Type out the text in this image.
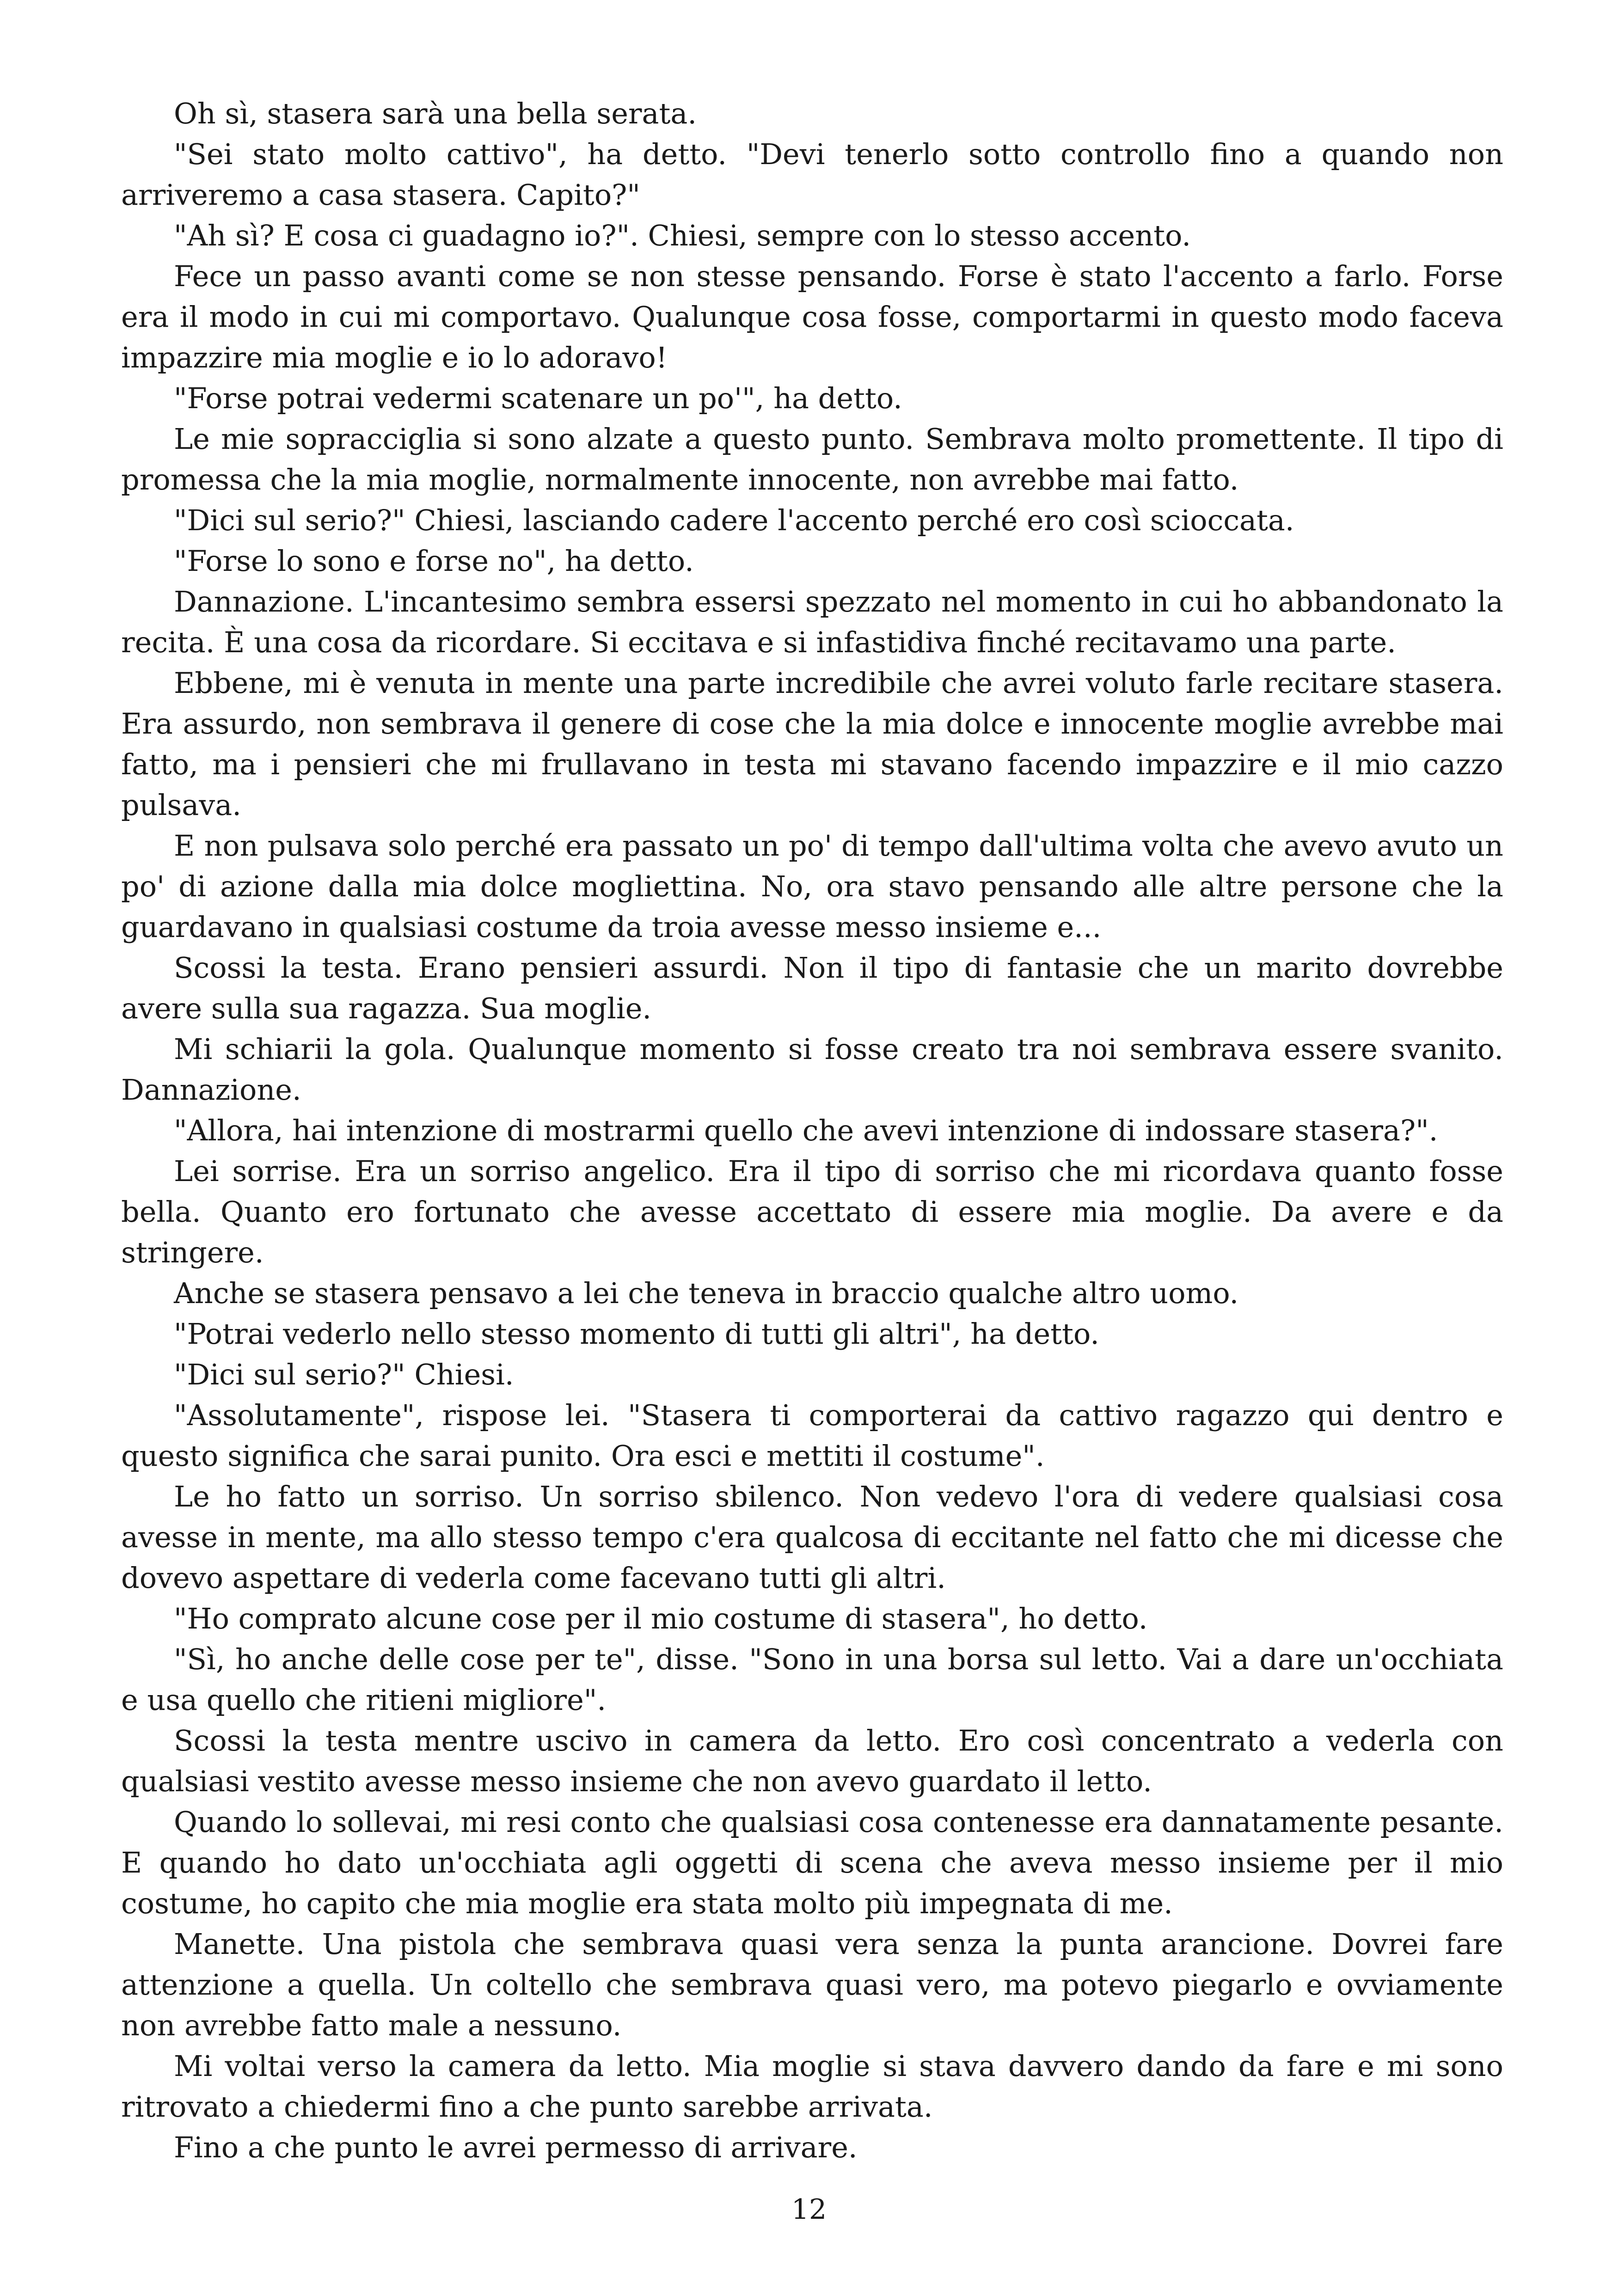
Oh sì, stasera sarà una bella serata.

"Sei stato molto cattivo", ha detto. "Devi tenerlo sotto controllo fino a quando non arriveremo a casa stasera. Capito?"

"Ah sì? E cosa ci guadagno io?". Chiesi, sempre con lo stesso accento.

Fece un passo avanti come se non stesse pensando. Forse è stato l'accento a farlo. Forse era il modo in cui mi comportavo. Qualunque cosa fosse, comportarmi in questo modo faceva impazzire mia moglie e io lo adoravo!

"Forse potrai vedermi scatenare un po'", ha detto.

Le mie sopracciglia si sono alzate a questo punto. Sembrava molto promettente. Il tipo di promessa che la mia moglie, normalmente innocente, non avrebbe mai fatto.

"Dici sul serio?" Chiesi, lasciando cadere l'accento perché ero così scioccata.

"Forse lo sono e forse no", ha detto.

Dannazione. L'incantesimo sembra essersi spezzato nel momento in cui ho abbandonato la recita. È una cosa da ricordare. Si eccitava e si infastidiva finché recitavamo una parte.

Ebbene, mi è venuta in mente una parte incredibile che avrei voluto farle recitare stasera. Era assurdo, non sembrava il genere di cose che la mia dolce e innocente moglie avrebbe mai fatto, ma i pensieri che mi frullavano in testa mi stavano facendo impazzire e il mio cazzo pulsava.

E non pulsava solo perché era passato un po' di tempo dall'ultima volta che avevo avuto un po' di azione dalla mia dolce mogliettina. No, ora stavo pensando alle altre persone che la guardavano in qualsiasi costume da troia avesse messo insieme e...

Scossi la testa. Erano pensieri assurdi. Non il tipo di fantasie che un marito dovrebbe avere sulla sua ragazza. Sua moglie.

Mi schiarii la gola. Qualunque momento si fosse creato tra noi sembrava essere svanito. Dannazione.

"Allora, hai intenzione di mostrarmi quello che avevi intenzione di indossare stasera?".

Lei sorrise. Era un sorriso angelico. Era il tipo di sorriso che mi ricordava quanto fosse bella. Quanto ero fortunato che avesse accettato di essere mia moglie. Da avere e da stringere.

Anche se stasera pensavo a lei che teneva in braccio qualche altro uomo.

"Potrai vederlo nello stesso momento di tutti gli altri", ha detto.

"Dici sul serio?" Chiesi.

"Assolutamente", rispose lei. "Stasera ti comporterai da cattivo ragazzo qui dentro e questo significa che sarai punito. Ora esci e mettiti il costume".

Le ho fatto un sorriso. Un sorriso sbilenco. Non vedevo l'ora di vedere qualsiasi cosa avesse in mente, ma allo stesso tempo c'era qualcosa di eccitante nel fatto che mi dicesse che dovevo aspettare di vederla come facevano tutti gli altri.

"Ho comprato alcune cose per il mio costume di stasera", ho detto.

"Sì, ho anche delle cose per te", disse. "Sono in una borsa sul letto. Vai a dare un'occhiata e usa quello che ritieni migliore".

Scossi la testa mentre uscivo in camera da letto. Ero così concentrato a vederla con qualsiasi vestito avesse messo insieme che non avevo guardato il letto.

Quando lo sollevai, mi resi conto che qualsiasi cosa contenesse era dannatamente pesante. E quando ho dato un'occhiata agli oggetti di scena che aveva messo insieme per il mio costume, ho capito che mia moglie era stata molto più impegnata di me.

Manette. Una pistola che sembrava quasi vera senza la punta arancione. Dovrei fare attenzione a quella. Un coltello che sembrava quasi vero, ma potevo piegarlo e ovviamente non avrebbe fatto male a nessuno.

Mi voltai verso la camera da letto. Mia moglie si stava davvero dando da fare e mi sono ritrovato a chiedermi fino a che punto sarebbe arrivata.

Fino a che punto le avrei permesso di arrivare.

12
